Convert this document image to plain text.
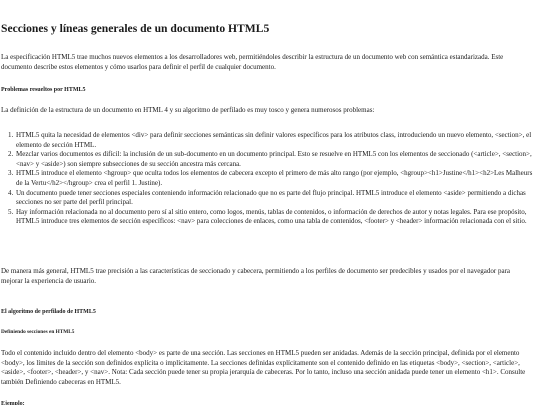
Secciones y líneas generales de un documento HTML5

La especificación HTML5 trae muchos nuevos elementos a los desarrolladores web, permitiéndoles describir la estructura de un documento web con semántica estandarizada. Este documento describe estos elementos y cómo usarlos para definir el perfil de cualquier documento.

Problemas resueltos por HTML5

La definición de la estructura de un documento en HTML 4 y su algoritmo de perfilado es muy tosco y genera numerosos problemas:

1. HTML5 quita la necesidad de elementos <div> para definir secciones semánticas sin definir valores específicos para los atributos class, introduciendo un nuevo elemento, <section>, el elemento de sección HTML.
2. Mezclar varios documentos es difícil: la inclusión de un sub-documento en un documento principal. Esto se resuelve en HTML5 con los elementos de seccionado (<article>, <section>, <nav> y <aside>) son siempre subsecciones de su sección ancestra más cercana.
3. HTML5 introduce el elemento <hgroup> que oculta todos los elementos de cabecera excepto el primero de más alto rango (por ejemplo, <hgroup><h1>Justine</h1><h2>Les Malheurs de la Vertu</h2></hgroup> crea el perfil 1. Justine).
4. Un documento puede tener secciones especiales conteniendo información relacionado que no es parte del flujo principal. HTML5 introduce el elemento <aside> permitiendo a dichas secciones no ser parte del perfil principal.
5. Hay información relacionada no al documento pero sí al sitio entero, como logos, menús, tablas de contenidos, o información de derechos de autor y notas legales. Para ese propósito, HTML5 introduce tres elementos de sección específicos: <nav> para colecciones de enlaces, como una tabla de contenidos, <footer> y <header> información relacionada con el sitio.

De manera más general, HTML5 trae precisión a las características de seccionado y cabecera, permitiendo a los perfiles de documento ser predecibles y usados por el navegador para mejorar la experiencia de usuario.

El algoritmo de perfilado de HTML5
Definiendo secciones en HTML5

Todo el contenido incluido dentro del elemento <body> es parte de una sección. Las secciones en HTML5 pueden ser anidadas. Además de la sección principal, definida por el elemento <body>, los límites de la sección son definidos explícita o implícitamente. La secciones definidas explícitamente son el contenido definido en las etiquetas <body>, <section>, <article>, <aside>, <footer>, <header>, y <nav>. Nota: Cada sección puede tener su propia jerarquía de cabeceras. Por lo tanto, incluso una sección anidada puede tener un elemento <h1>. Consulte también Definiendo cabeceras en HTML5.

Ejemplo:
